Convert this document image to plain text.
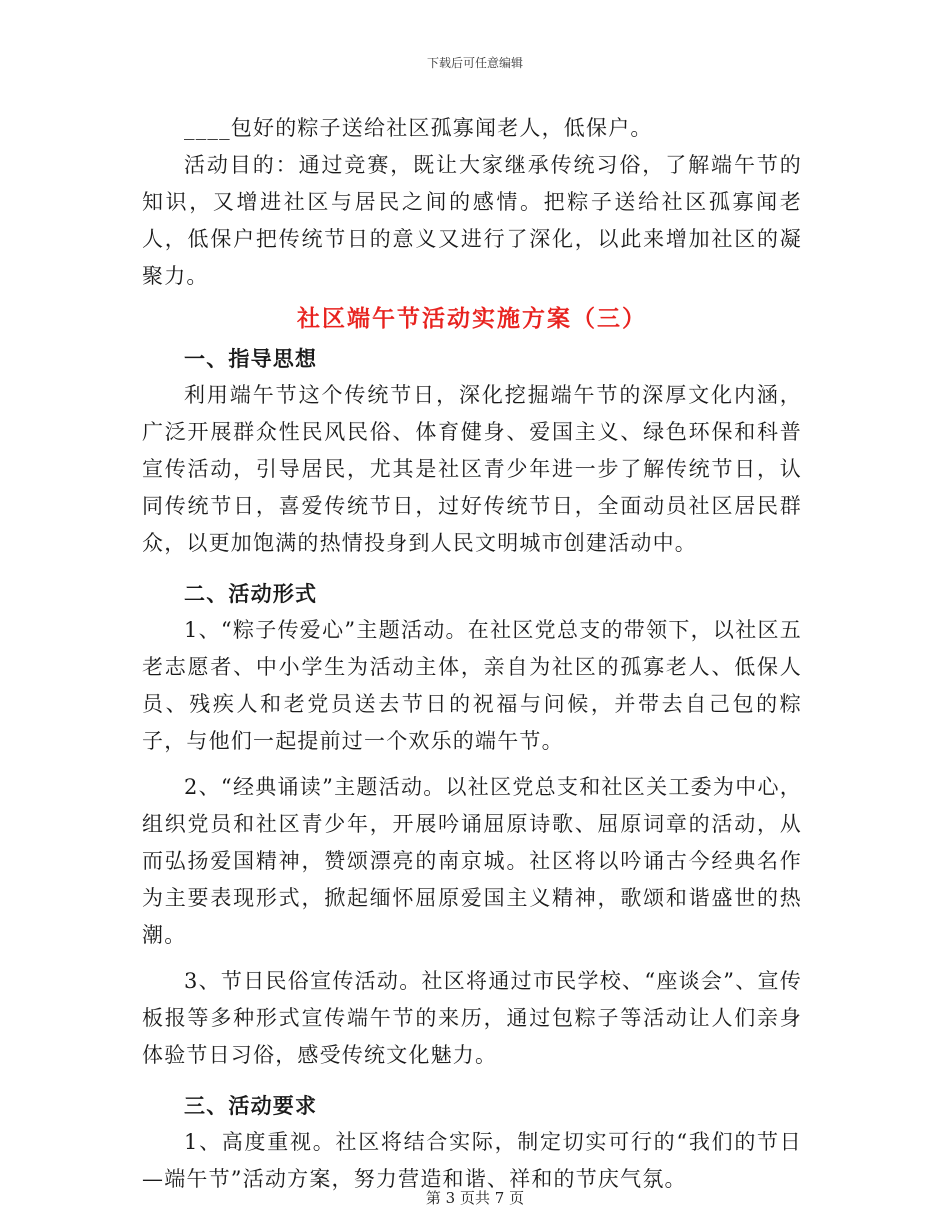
下载后可任意编辑

____包好的粽子送给社区孤寡闻老人，低保户。

活动目的：通过竞赛，既让大家继承传统习俗，了解端午节的知识，又增进社区与居民之间的感情。把粽子送给社区孤寡闻老人，低保户把传统节日的意义又进行了深化，以此来增加社区的凝聚力。

社区端午节活动实施方案（三）
一、指导思想

利用端午节这个传统节日，深化挖掘端午节的深厚文化内涵，广泛开展群众性民风民俗、体育健身、爱国主义、绿色环保和科普宣传活动，引导居民，尤其是社区青少年进一步了解传统节日，认同传统节日，喜爱传统节日，过好传统节日，全面动员社区居民群众，以更加饱满的热情投身到人民文明城市创建活动中。

二、活动形式

1、“粽子传爱心”主题活动。在社区党总支的带领下，以社区五老志愿者、中小学生为活动主体，亲自为社区的孤寡老人、低保人员、残疾人和老党员送去节日的祝福与问候，并带去自己包的粽子，与他们一起提前过一个欢乐的端午节。

2、“经典诵读”主题活动。以社区党总支和社区关工委为中心，组织党员和社区青少年，开展吟诵屈原诗歌、屈原词章的活动，从而弘扬爱国精神，赞颂漂亮的南京城。社区将以吟诵古今经典名作为主要表现形式，掀起缅怀屈原爱国主义精神，歌颂和谐盛世的热潮。

3、节日民俗宣传活动。社区将通过市民学校、“座谈会”、宣传板报等多种形式宣传端午节的来历，通过包粽子等活动让人们亲身体验节日习俗，感受传统文化魅力。

三、活动要求

1、高度重视。社区将结合实际，制定切实可行的“我们的节日—端午节”活动方案，努力营造和谐、祥和的节庆气氛。

第 3 页共 7 页
